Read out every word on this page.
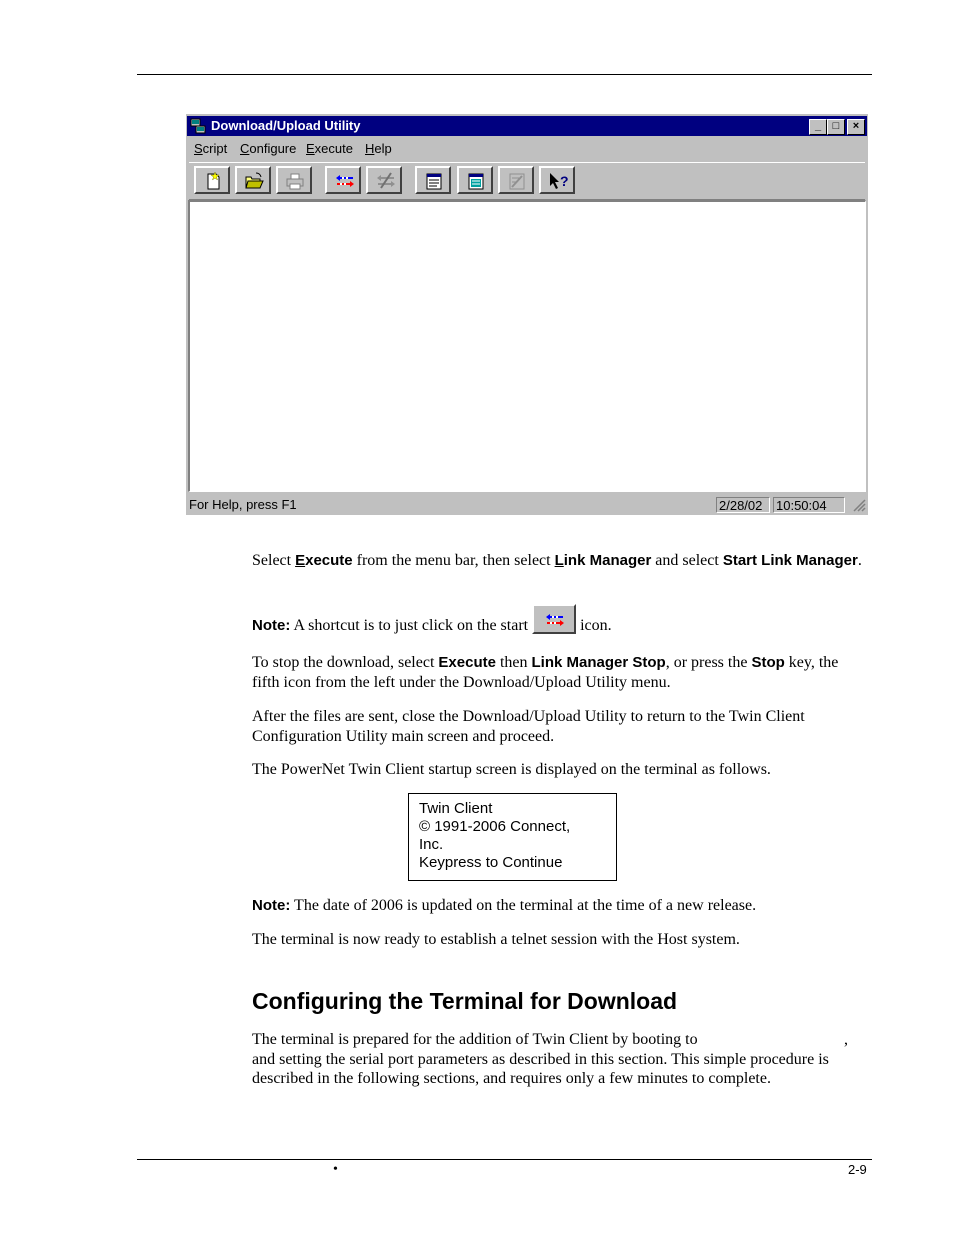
Download/Upload Utility	_	□	×
Script Configure Execute Help
?
For Help, press F1	2/28/02	10:50:04
Select Execute from the menu bar, then select Link Manager and select Start Link Manager.
Note: A shortcut is to just click on the start	icon.
To stop the download, select Execute then Link Manager Stop, or press the Stop key, the fifth icon from the left under the Download/Upload Utility menu.
After the files are sent, close the Download/Upload Utility to return to the Twin Client Configuration Utility main screen and proceed.
The PowerNet Twin Client startup screen is displayed on the terminal as follows.
Twin Client
© 1991-2006 Connect,
Inc.
Keypress to Continue
Note: The date of 2006 is updated on the terminal at the time of a new release.
The terminal is now ready to establish a telnet session with the Host system.
Configuring the Terminal for Download
The terminal is prepared for the addition of Twin Client by booting to	,
and setting the serial port parameters as described in this section. This simple procedure is described in the following sections, and requires only a few minutes to complete.
•	2-9
